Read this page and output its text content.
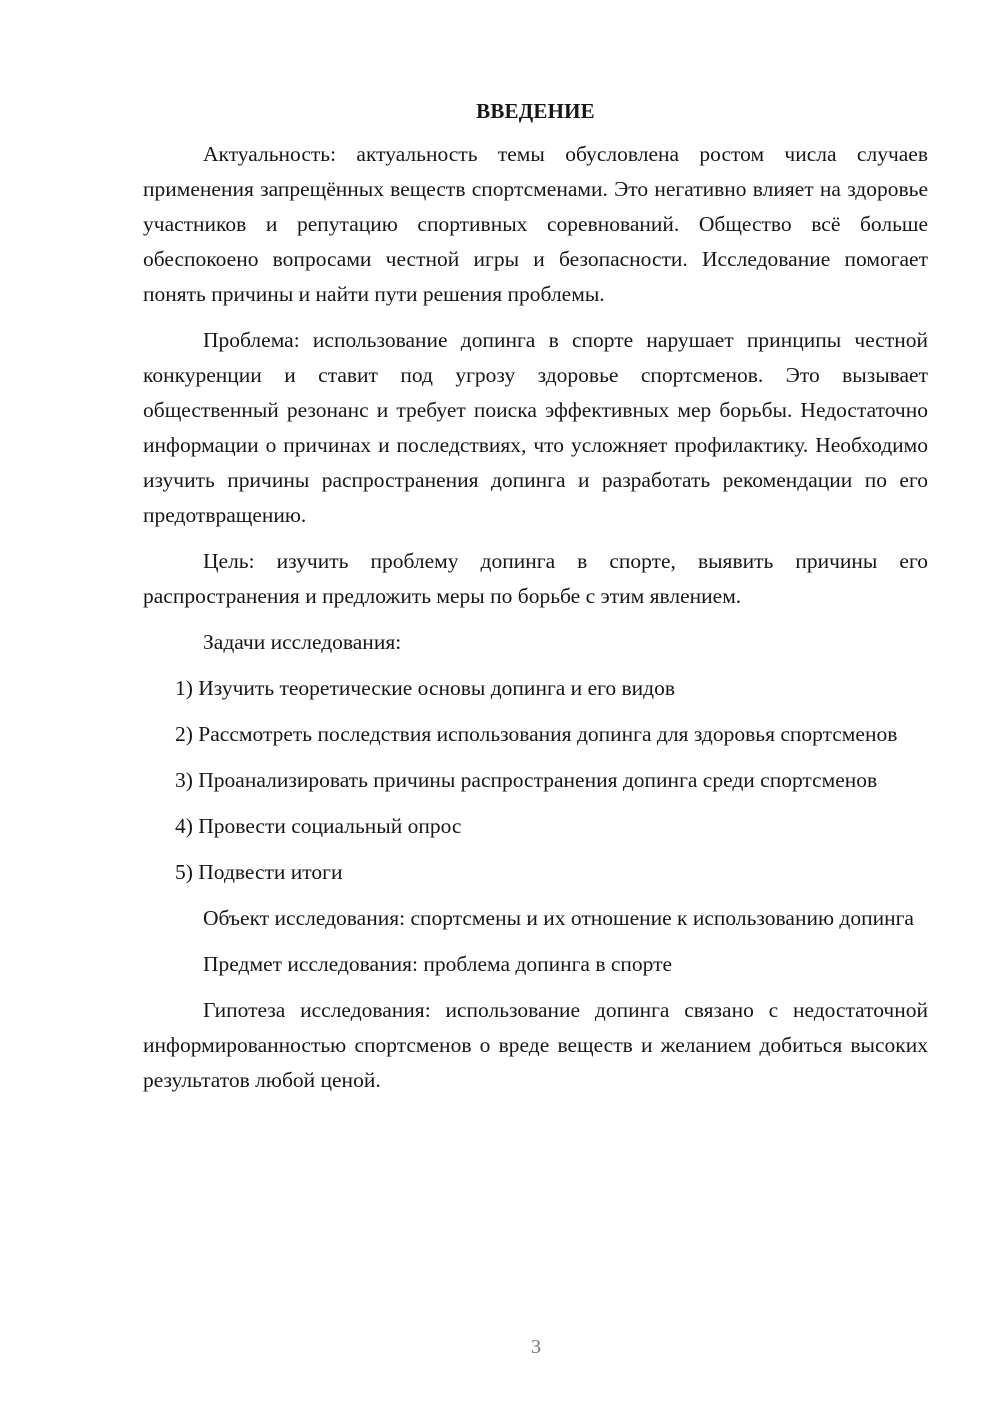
ВВЕДЕНИЕ

Актуальность: актуальность темы обусловлена ростом числа случаев применения запрещённых веществ спортсменами. Это негативно влияет на здоровье участников и репутацию спортивных соревнований. Общество всё больше обеспокоено вопросами честной игры и безопасности. Исследование помогает понять причины и найти пути решения проблемы.

Проблема: использование допинга в спорте нарушает принципы честной конкуренции и ставит под угрозу здоровье спортсменов. Это вызывает общественный резонанс и требует поиска эффективных мер борьбы. Недостаточно информации о причинах и последствиях, что усложняет профилактику. Необходимо изучить причины распространения допинга и разработать рекомендации по его предотвращению.

Цель: изучить проблему допинга в спорте, выявить причины его распространения и предложить меры по борьбе с этим явлением.

Задачи исследования:

1) Изучить теоретические основы допинга и его видов

2) Рассмотреть последствия использования допинга для здоровья спортсменов

3) Проанализировать причины распространения допинга среди спортсменов

4) Провести социальный опрос

5) Подвести итоги

Объект исследования: спортсмены и их отношение к использованию допинга

Предмет исследования: проблема допинга в спорте

Гипотеза исследования: использование допинга связано с недостаточной информированностью спортсменов о вреде веществ и желанием добиться высоких результатов любой ценой.

3
